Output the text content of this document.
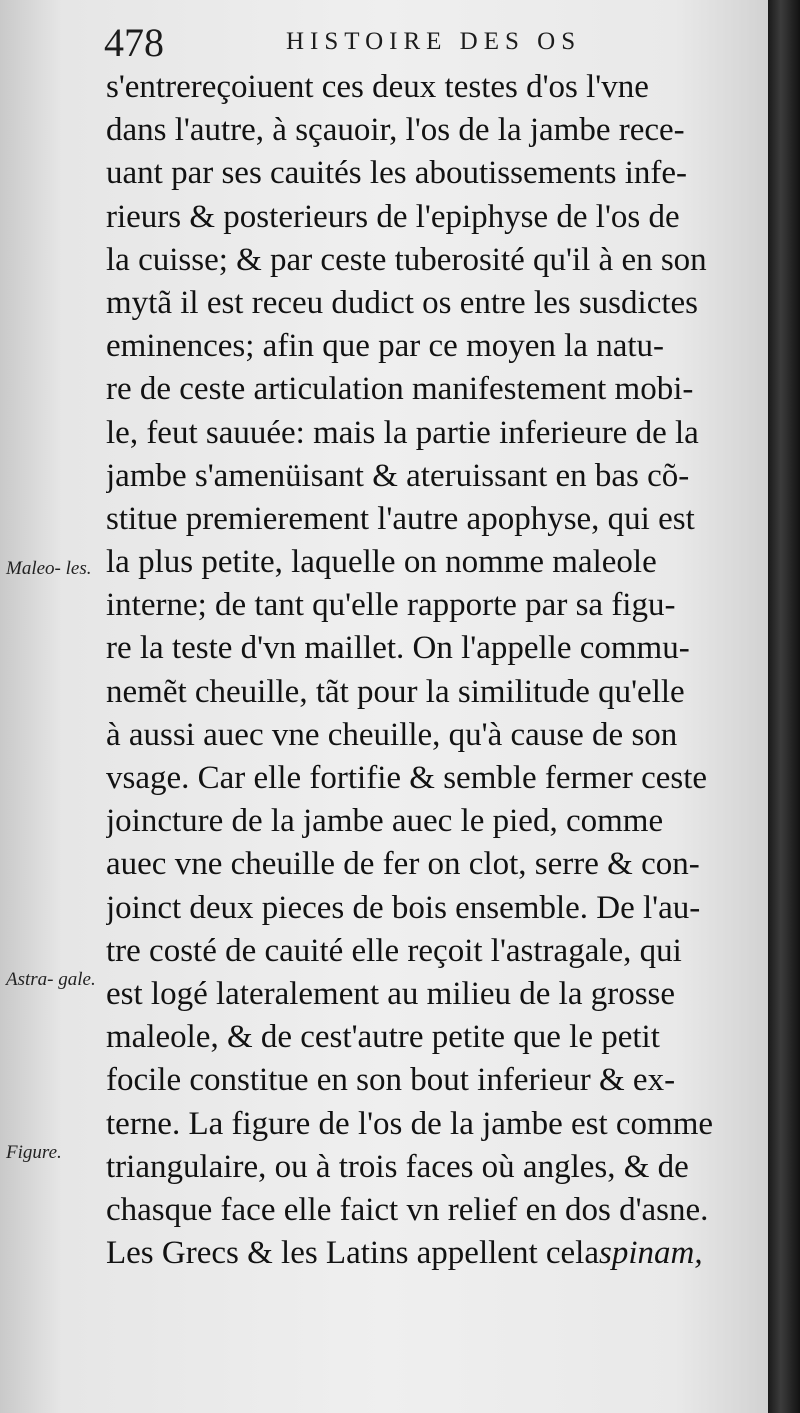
478	HISTOIRE DES OS
Maleo- les.
Astra- gale.
Figure.
s'entrereçoiuent ces deux testes d'os l'vne
dans l'autre, à sçauoir, l'os de la jambe rece-
uant par ses cauités les aboutissements infe-
rieurs & posterieurs de l'epiphyse de l'os de
la cuisse; & par ceste tuberosité qu'il à en son
mytã il est receu dudict os entre les susdictes
eminences; afin que par ce moyen la natu-
re de ceste articulation manifestement mobi-
le, feut sauuée: mais la partie inferieure de la
jambe s'amenüisant & ateruissant en bas cõ-
stitue premierement l'autre apophyse, qui est
la plus petite, laquelle on nomme maleole
interne; de tant qu'elle rapporte par sa figu-
re la teste d'vn maillet. On l'appelle commu-
nemẽt cheuille, tãt pour la similitude qu'elle
à aussi auec vne cheuille, qu'à cause de son
vsage. Car elle fortifie & semble fermer ceste
joincture de la jambe auec le pied, comme
auec vne cheuille de fer on clot, serre & con-
joinct deux pieces de bois ensemble. De l'au-
tre costé de cauité elle reçoit l'astragale, qui
est logé lateralement au milieu de la grosse
maleole, & de cest'autre petite que le petit
focile constitue en son bout inferieur & ex-
terne. La figure de l'os de la jambe est comme
triangulaire, ou à trois faces où angles, & de
chasque face elle faict vn relief en dos d'asne.
Les Grecs & les Latins appellent celaspinam,
